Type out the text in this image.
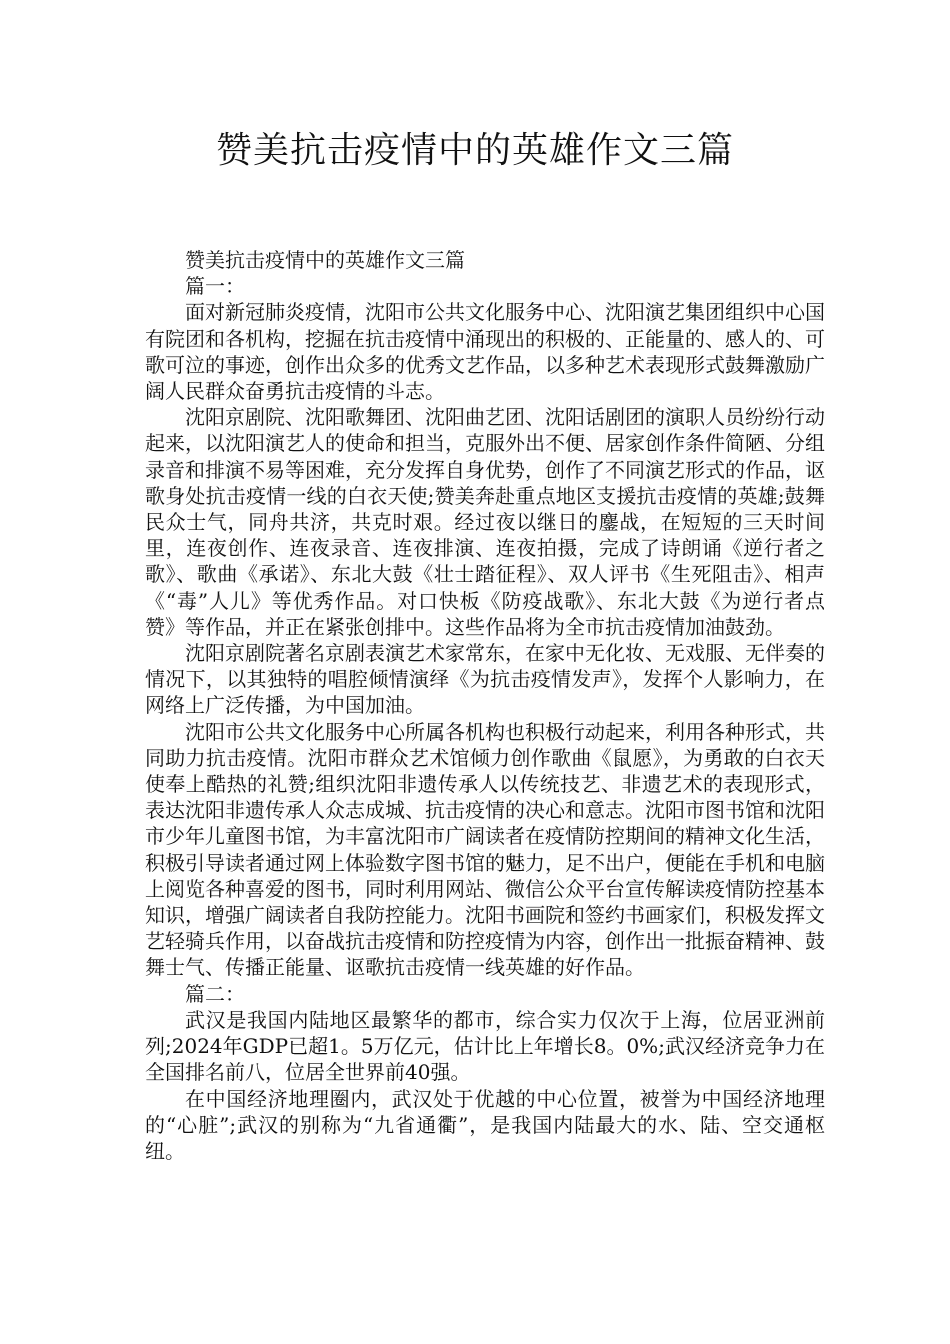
赞美抗击疫情中的英雄作文三篇

赞美抗击疫情中的英雄作文三篇

篇一：

面对新冠肺炎疫情，沈阳市公共文化服务中心、沈阳演艺集团组织中心国有院团和各机构，挖掘在抗击疫情中涌现出的积极的、正能量的、感人的、可歌可泣的事迹，创作出众多的优秀文艺作品，以多种艺术表现形式鼓舞激励广阔人民群众奋勇抗击疫情的斗志。

沈阳京剧院、沈阳歌舞团、沈阳曲艺团、沈阳话剧团的演职人员纷纷行动起来，以沈阳演艺人的使命和担当，克服外出不便、居家创作条件简陋、分组录音和排演不易等困难，充分发挥自身优势，创作了不同演艺形式的作品，讴歌身处抗击疫情一线的白衣天使;赞美奔赴重点地区支援抗击疫情的英雄;鼓舞民众士气，同舟共济，共克时艰。经过夜以继日的鏖战，在短短的三天时间里，连夜创作、连夜录音、连夜排演、连夜拍摄，完成了诗朗诵《逆行者之歌》、歌曲《承诺》、东北大鼓《壮士踏征程》、双人评书《生死阻击》、相声《“毒”人儿》等优秀作品。对口快板《防疫战歌》、东北大鼓《为逆行者点赞》等作品，并正在紧张创排中。这些作品将为全市抗击疫情加油鼓劲。

沈阳京剧院著名京剧表演艺术家常东，在家中无化妆、无戏服、无伴奏的情况下，以其独特的唱腔倾情演绎《为抗击疫情发声》，发挥个人影响力，在网络上广泛传播，为中国加油。

沈阳市公共文化服务中心所属各机构也积极行动起来，利用各种形式，共同助力抗击疫情。沈阳市群众艺术馆倾力创作歌曲《鼠愿》，为勇敢的白衣天使奉上酷热的礼赞;组织沈阳非遗传承人以传统技艺、非遗艺术的表现形式，表达沈阳非遗传承人众志成城、抗击疫情的决心和意志。沈阳市图书馆和沈阳市少年儿童图书馆，为丰富沈阳市广阔读者在疫情防控期间的精神文化生活，积极引导读者通过网上体验数字图书馆的魅力，足不出户，便能在手机和电脑上阅览各种喜爱的图书，同时利用网站、微信公众平台宣传解读疫情防控基本知识，增强广阔读者自我防控能力。沈阳书画院和签约书画家们，积极发挥文艺轻骑兵作用，以奋战抗击疫情和防控疫情为内容，创作出一批振奋精神、鼓舞士气、传播正能量、讴歌抗击疫情一线英雄的好作品。

篇二：

武汉是我国内陆地区最繁华的都市，综合实力仅次于上海，位居亚洲前列;2024年GDP已超1。5万亿元，估计比上年增长8。0%;武汉经济竞争力在全国排名前八，位居全世界前40强。

在中国经济地理圈内，武汉处于优越的中心位置，被誉为中国经济地理的“心脏”;武汉的别称为“九省通衢”，是我国内陆最大的水、陆、空交通枢纽。
